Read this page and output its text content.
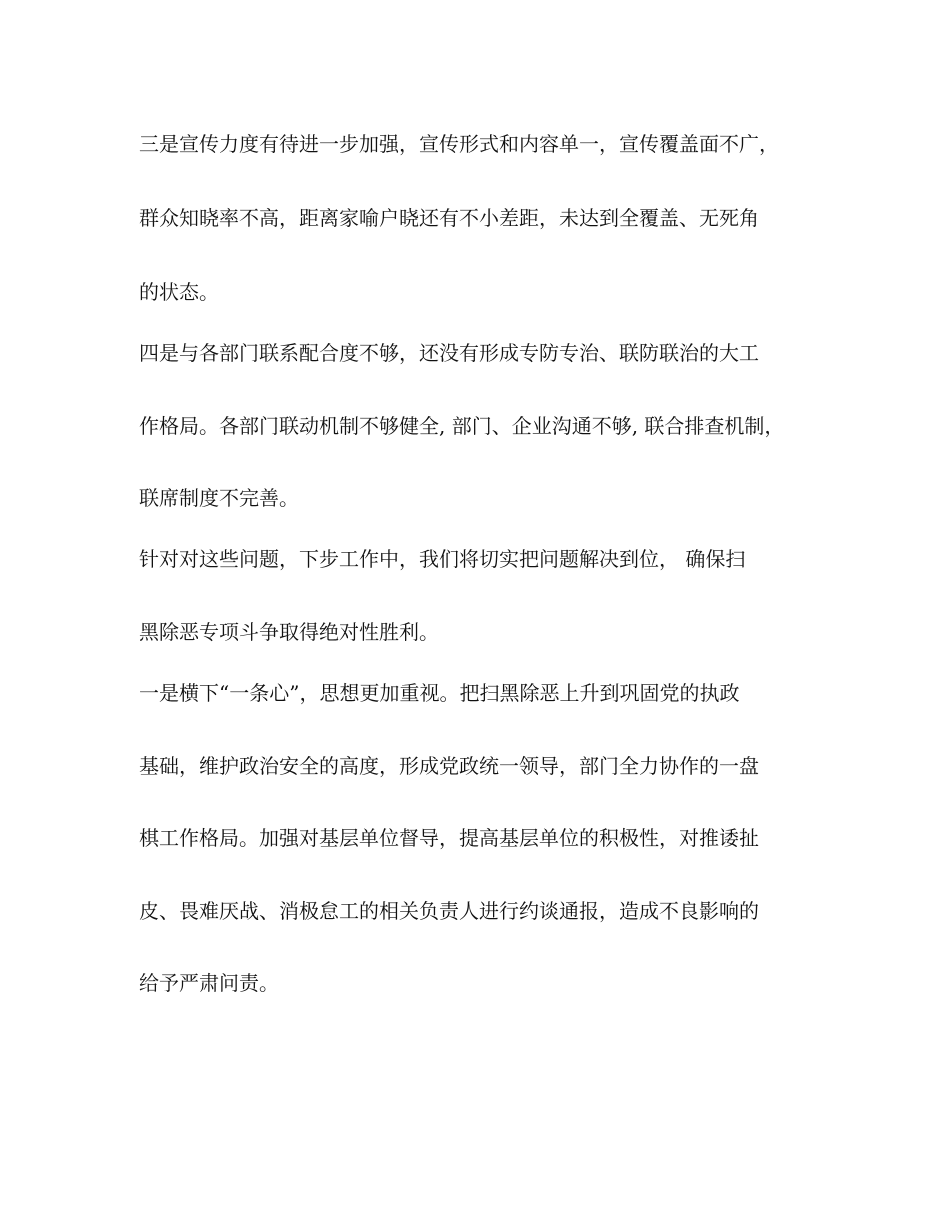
三是宣传力度有待进一步加强，宣传形式和内容单一，宣传覆盖面不广，

群众知晓率不高，距离家喻户晓还有不小差距，未达到全覆盖、无死角

的状态。

四是与各部门联系配合度不够，还没有形成专防专治、联防联治的大工

作格局。各部门联动机制不够健全, 部门、企业沟通不够, 联合排查机制，

联席制度不完善。

针对对这些问题，下步工作中，我们将切实把问题解决到位， 确保扫

黑除恶专项斗争取得绝对性胜利。

一是横下“一条心”，思想更加重视。把扫黑除恶上升到巩固党的执政

基础，维护政治安全的高度，形成党政统一领导，部门全力协作的一盘

棋工作格局。加强对基层单位督导，提高基层单位的积极性，对推诿扯

皮、畏难厌战、消极怠工的相关负责人进行约谈通报，造成不良影响的

给予严肃问责。
